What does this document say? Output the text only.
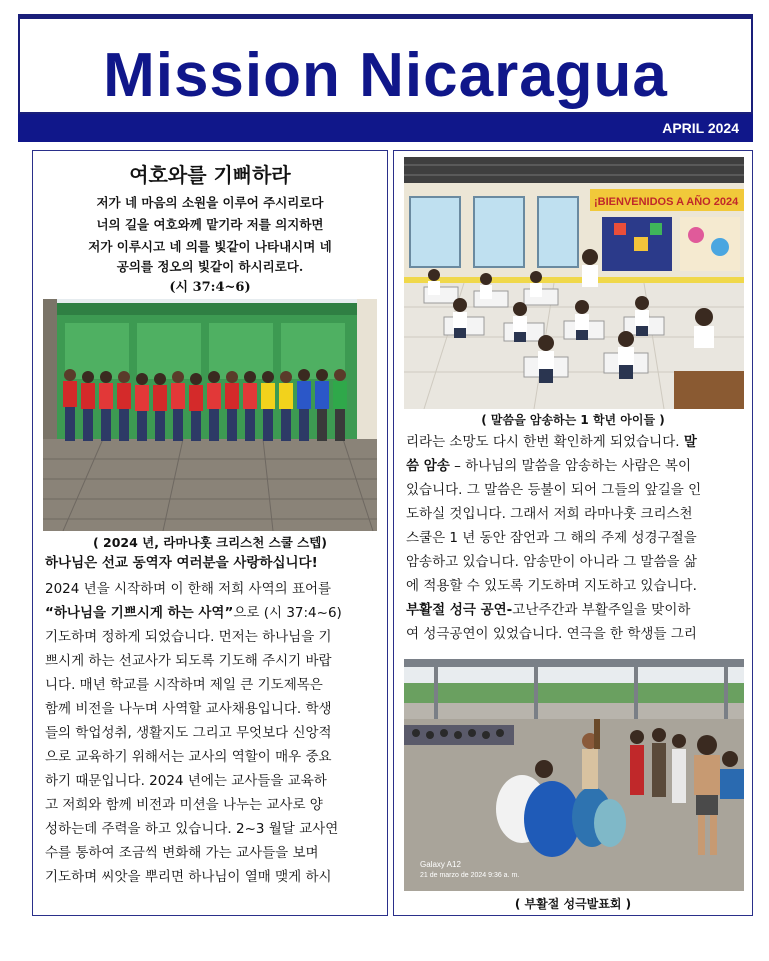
Mission Nicaragua
APRIL 2024
여호와를 기뻐하라
저가 네 마음의 소원을 이루어 주시리로다
너의 길을 여호와께 맡기라 저를 의지하면
저가 이루시고 네 의를 빛같이 나타내시며 네
공의를 정오의 빛같이 하시리로다.
(시 37:4~6)
( 2024 년, 라마나훗 크리스천 스쿨 스텝)
하나님은 선교 동역자 여러분을 사랑하십니다!
2024 년을 시작하며 이 한해 저희 사역의 표어를
“하나님을 기쁘시게 하는 사역”으로 (시 37:4~6)
기도하며 정하게 되었습니다. 먼저는 하나님을 기
쁘시게 하는 선교사가 되도록 기도해 주시기 바랍
니다. 매년 학교를 시작하며 제일 큰 기도제목은
함께 비전을 나누며 사역할 교사채용입니다. 학생
들의 학업성취, 생활지도 그리고 무엇보다 신앙적
으로 교육하기 위해서는 교사의 역할이 매우 중요
하기 때문입니다. 2024 년에는 교사들을 교육하
고 저희와 함께 비전과 미션을 나누는 교사로 양
성하는데 주력을 하고 있습니다. 2~3 월달 교사연
수를 통하여 조금씩 변화해 가는 교사들을 보며
기도하며 씨앗을 뿌리면 하나님이 열매 맺게 하시
¡BIENVENIDOS A AÑO 2024
( 말씀을 암송하는 1 학년 아이들 )
리라는 소망도 다시 한번 확인하게 되었습니다. 말
씀 암송 – 하나님의 말씀을 암송하는 사람은 복이
있습니다. 그 말씀은 등불이 되어 그들의 앞길을 인
도하실 것입니다. 그래서 저희 라마나훗 크리스천
스쿨은 1 년 동안 잠언과 그 해의 주제 성경구절을
암송하고 있습니다. 암송만이 아니라 그 말씀을 삶
에 적용할 수 있도록 기도하며 지도하고 있습니다.
부활절 성극 공연-고난주간과 부활주일을 맞이하
여 성극공연이 있었습니다. 연극을 한 학생들 그리
Galaxy A12
21 de marzo de 2024 9:36 a. m.
( 부활절 성극발표회 )
